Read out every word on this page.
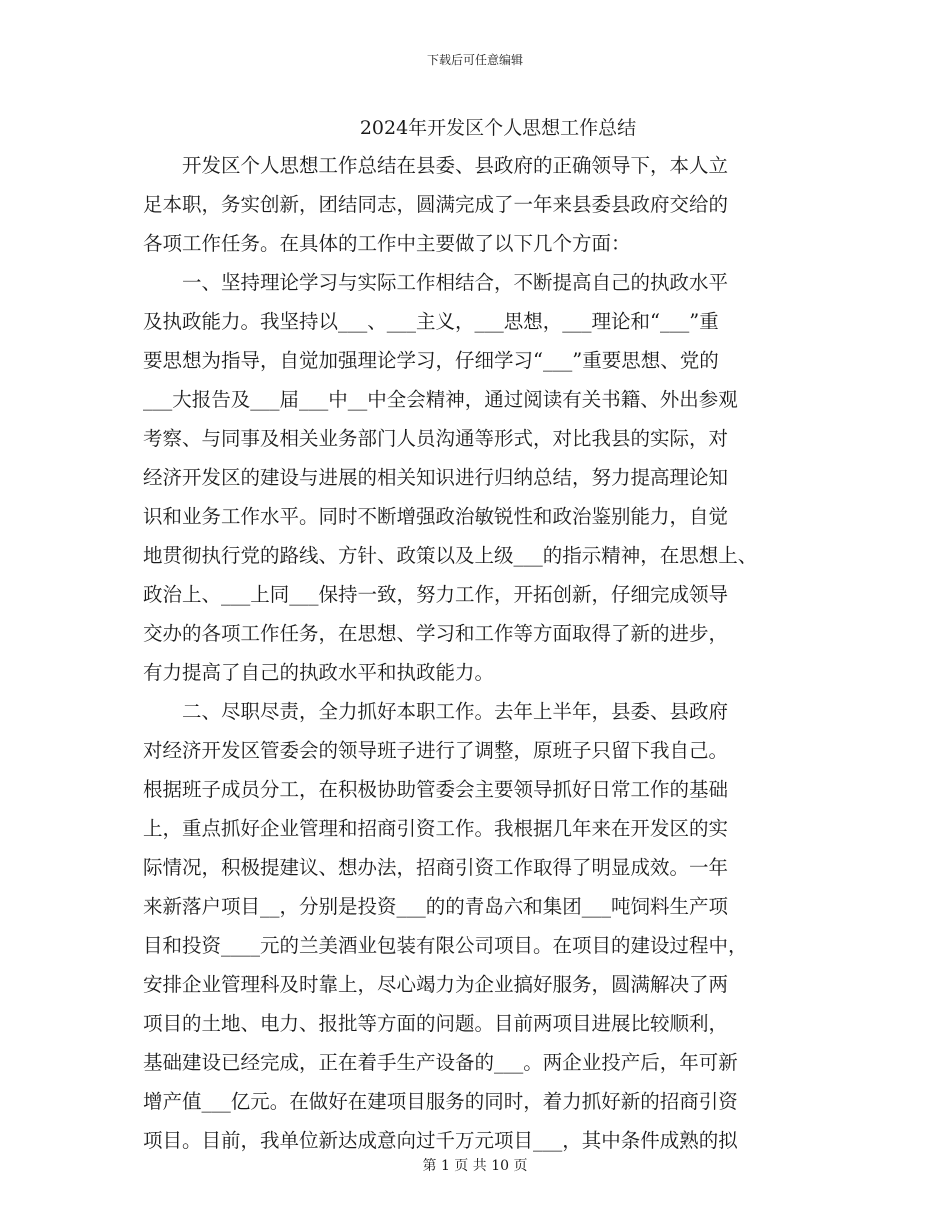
下载后可任意编辑
2024年开发区个人思想工作总结
　　开发区个人思想工作总结在县委、县政府的正确领导下，本人立
足本职，务实创新，团结同志，圆满完成了一年来县委县政府交给的
各项工作任务。在具体的工作中主要做了以下几个方面：
　　一、坚持理论学习与实际工作相结合，不断提高自己的执政水平
及执政能力。我坚持以___、___主义，___思想，___理论和“___”重
要思想为指导，自觉加强理论学习，仔细学习“___”重要思想、党的
___大报告及___届___中__中全会精神，通过阅读有关书籍、外出参观
考察、与同事及相关业务部门人员沟通等形式，对比我县的实际，对
经济开发区的建设与进展的相关知识进行归纳总结，努力提高理论知
识和业务工作水平。同时不断增强政治敏锐性和政治鉴别能力，自觉
地贯彻执行党的路线、方针、政策以及上级___的指示精神，在思想上、
政治上、___上同___保持一致，努力工作，开拓创新，仔细完成领导
交办的各项工作任务，在思想、学习和工作等方面取得了新的进步，
有力提高了自己的执政水平和执政能力。
　　二、尽职尽责，全力抓好本职工作。去年上半年，县委、县政府
对经济开发区管委会的领导班子进行了调整，原班子只留下我自己。
根据班子成员分工，在积极协助管委会主要领导抓好日常工作的基础
上，重点抓好企业管理和招商引资工作。我根据几年来在开发区的实
际情况，积极提建议、想办法，招商引资工作取得了明显成效。一年
来新落户项目__，分别是投资___的的青岛六和集团___吨饲料生产项
目和投资____元的兰美酒业包装有限公司项目。在项目的建设过程中，
安排企业管理科及时靠上，尽心竭力为企业搞好服务，圆满解决了两
项目的土地、电力、报批等方面的问题。目前两项目进展比较顺利，
基础建设已经完成，正在着手生产设备的___。两企业投产后，年可新
增产值___亿元。在做好在建项目服务的同时，着力抓好新的招商引资
项目。目前，我单位新达成意向过千万元项目___，其中条件成熟的拟
第 1 页 共 10 页
